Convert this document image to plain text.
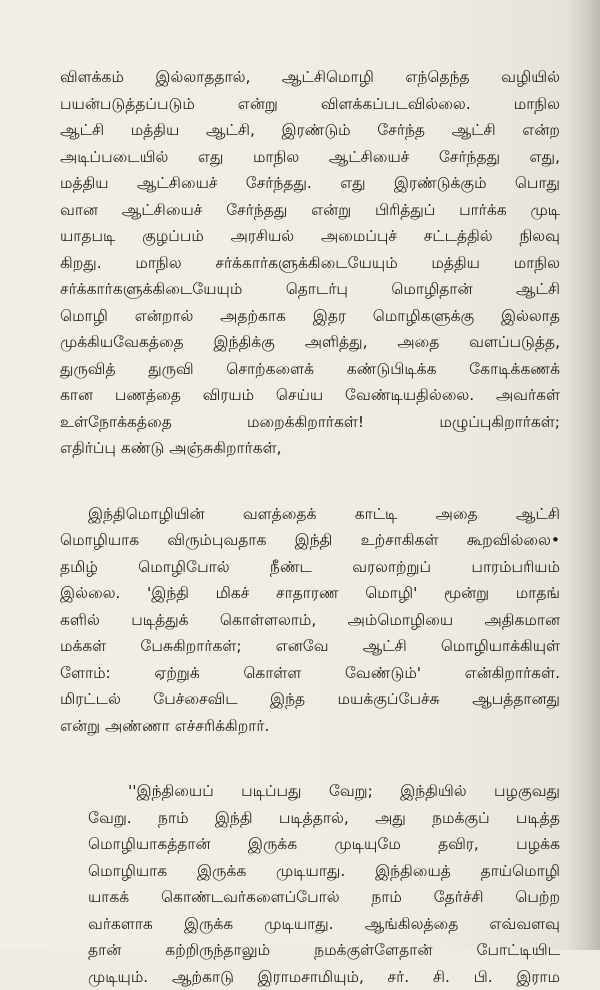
விளக்கம் இல்லாததால், ஆட்சிமொழி எந்தெந்த வழியில்
பயன்படுத்தப்படும் என்று விளக்கப்படவில்லை. மாநில
ஆட்சி மத்திய ஆட்சி, இரண்டும் சேர்ந்த ஆட்சி என்ற
அடிப்படையில் எது மாநில ஆட்சியைச் சேர்ந்தது எது,
மத்திய ஆட்சியைச் சேர்ந்தது. எது இரண்டுக்கும் பொது
வான ஆட்சியைச் சேர்ந்தது என்று பிரித்துப் பார்க்க முடி
யாதபடி குழப்பம் அரசியல் அமைப்புச் சட்டத்தில் நிலவு
கிறது. மாநில சர்க்கார்களுக்கிடையேயும் மத்திய மாநில
சர்க்கார்களுக்கிடையேயும் தொடர்பு மொழிதான் ஆட்சி
மொழி என்றால் அதற்காக இதர மொழிகளுக்கு இல்லாத
முக்கியவேகத்தை இந்திக்கு அளித்து, அதை வளப்படுத்த,
துருவித் துருவி சொற்களைக் கண்டுபிடிக்க கோடிக்கணக்
கான பணத்தை விரயம் செய்ய வேண்டியதில்லை. அவர்கள்
உள்நோக்கத்தை மறைக்கிறார்கள்! மழுப்புகிறார்கள்;
எதிர்ப்பு கண்டு அஞ்சுகிறார்கள்,
இந்திமொழியின் வளத்தைக் காட்டி அதை ஆட்சி
மொழியாக விரும்புவதாக இந்தி உற்சாகிகள் கூறவில்லை•
தமிழ் மொழிபோல் நீண்ட வரலாற்றுப் பாரம்பரியம்
இல்லை. 'இந்தி மிகச் சாதாரண மொழி' மூன்று மாதங்
களில் படித்துக் கொள்ளலாம், அம்மொழியை அதிகமான
மக்கள் பேசுகிறார்கள்; எனவே ஆட்சி மொழியாக்கியுள்
ளோம்: ஏற்றுக் கொள்ள வேண்டும்' என்கிறார்கள்.
மிரட்டல் பேச்சைவிட இந்த மயக்குப்பேச்சு ஆபத்தானது
என்று அண்ணா எச்சரிக்கிறார்.
''இந்தியைப் படிப்பது வேறு; இந்தியில் பழகுவது
வேறு. நாம் இந்தி படித்தால், அது நமக்குப் படித்த
மொழியாகத்தான் இருக்க முடியுமே தவிர, பழக்க
மொழியாக இருக்க முடியாது. இந்தியைத் தாய்மொழி
யாகக் கொண்டவர்களைப்போல் நாம் தேர்ச்சி பெற்ற
வர்களாக இருக்க முடியாது. ஆங்கிலத்தை எவ்வளவு
தான் கற்றிருந்தாலும் நமக்குள்ளேதான் போட்டியிட
முடியும். ஆற்காடு இராமசாமியும், சர். சி. பி. இராம
